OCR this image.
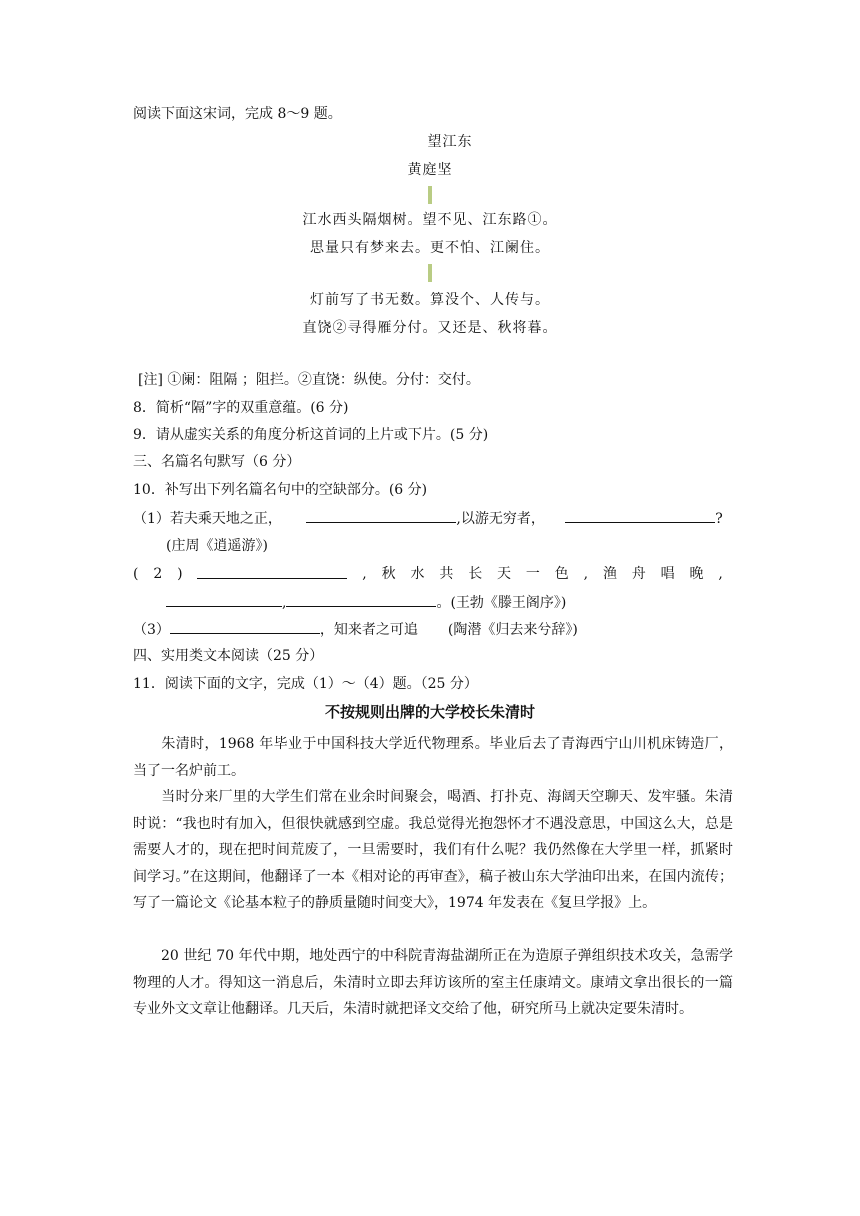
阅读下面这宋词，完成 8～9 题。
望江东
黄庭坚
江水西头隔烟树。望不见、江东路①。
思量只有梦来去。更不怕、江阑住。
灯前写了书无数。算没个、人传与。
直饶②寻得雁分付。又还是、秋将暮。
[注] ①阑：阻隔 ；阻拦。②直饶：纵使。分付：交付。
8．简析“隔”字的双重意蕴。(6 分)
9．请从虚实关系的角度分析这首词的上片或下片。(5 分)
三、名篇名句默写（6 分）
10．补写出下列名篇名句中的空缺部分。(6 分)
（1）若夫乘天地之正，	,以游无穷者，	?
(庄周《逍遥游》)
( 2 )	, 秋 水 共 长 天 一 色 , 渔 舟 唱 晚 ,
,	。(王勃《滕王阁序》)
（3）	，知来者之可追 (陶潜《归去来兮辞》)
四、实用类文本阅读（25 分）
11．阅读下面的文字，完成（1）～（4）题。（25 分）
不按规则出牌的大学校长朱清时
朱清时，1968 年毕业于中国科技大学近代物理系。毕业后去了青海西宁山川机床铸造厂，当了一名炉前工。
当时分来厂里的大学生们常在业余时间聚会，喝酒、打扑克、海阔天空聊天、发牢骚。朱清时说：“我也时有加入，但很快就感到空虚。我总觉得光抱怨怀才不遇没意思，中国这么大，总是需要人才的，现在把时间荒废了，一旦需要时，我们有什么呢？我仍然像在大学里一样，抓紧时间学习。”在这期间，他翻译了一本《相对论的再审查》，稿子被山东大学油印出来，在国内流传；写了一篇论文《论基本粒子的静质量随时间变大》，1974 年发表在《复旦学报》上。
20 世纪 70 年代中期，地处西宁的中科院青海盐湖所正在为造原子弹组织技术攻关，急需学物理的人才。得知这一消息后，朱清时立即去拜访该所的室主任康靖文。康靖文拿出很长的一篇专业外文文章让他翻译。几天后，朱清时就把译文交给了他，研究所马上就决定要朱清时。
